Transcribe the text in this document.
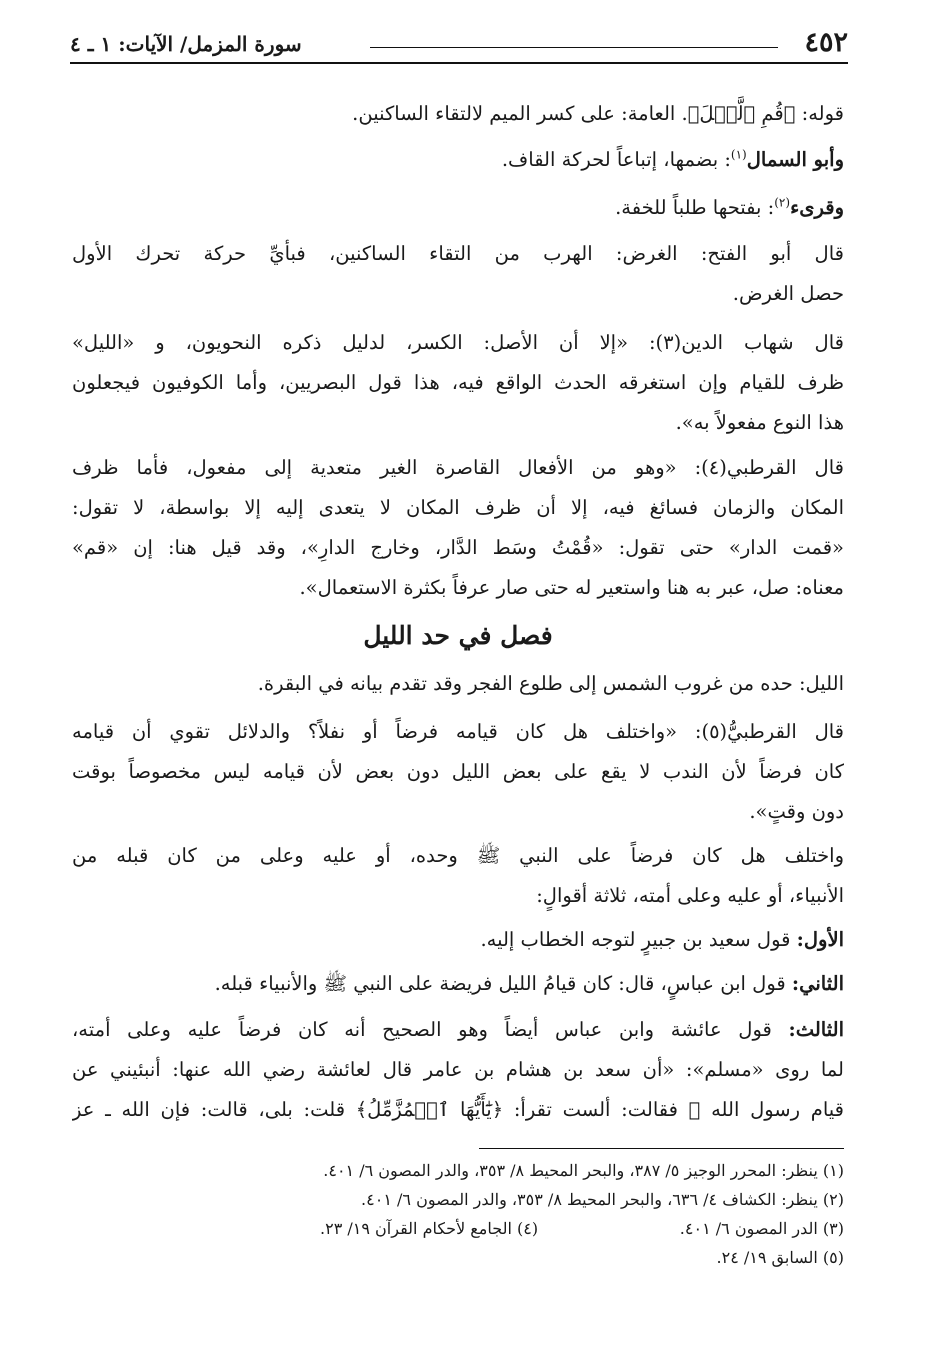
٤٥٢
سورة المزمل/ الآيات: ١ ـ ٤
قوله: ﴿قُمِ ٱلَّيۡلَ﴾. العامة: على كسر الميم لالتقاء الساكنين.
وأبو السمال$^{(١)}$: بضمها، إتباعاً لحركة القاف.
وقرىء$^{(٢)}$: بفتحها طلباً للخفة.
قال أبو الفتح: الغرض: الهرب من التقاء الساكنين، فبأيِّ حركة تحرك الأول
حصل الغرض.
قال شهاب الدين(٣): «إلا أن الأصل: الكسر، لدليل ذكره النحويون، و «الليل»
ظرف للقيام وإن استغرقه الحدث الواقع فيه، هذا قول البصريين، وأما الكوفيون فيجعلون
هذا النوع مفعولاً به».
قال القرطبي(٤): «وهو من الأفعال القاصرة الغير متعدية إلى مفعول، فأما ظرف
المكان والزمان فسائغ فيه، إلا أن ظرف المكان لا يتعدى إليه إلا بواسطة، لا تقول:
«قمت الدار» حتى تقول: «قُمْتُ وسَط الدَّار، وخارج الدارِ»، وقد قيل هنا: إن «قم»
معناه: صل، عبر به هنا واستعير له حتى صار عرفاً بكثرة الاستعمال».
فصل في حد الليل
الليل: حده من غروب الشمس إلى طلوع الفجر وقد تقدم بيانه في البقرة.
قال القرطبيُّ(٥): «واختلف هل كان قيامه فرضاً أو نفلاً؟ والدلائل تقوي أن قيامه
كان فرضاً لأن الندب لا يقع على بعض الليل دون بعض لأن قيامه ليس مخصوصاً بوقت
دون وقتٍ».
واختلف هل كان فرضاً على النبي ﷺ وحده، أو عليه وعلى من كان قبله من
الأنبياء، أو عليه وعلى أمته، ثلاثة أقوالٍ:
الأول: قول سعيد بن جبيرٍ لتوجه الخطاب إليه.
الثاني: قول ابن عباسٍ، قال: كان قيامُ الليل فريضة على النبي ﷺ والأنبياء قبله.
الثالث: قول عائشة وابن عباس أيضاً وهو الصحيح أنه كان فرضاً عليه وعلى أمته،
لما روى «مسلم»: «أن سعد بن هشام بن عامر قال لعائشة رضي الله عنها: أنبئيني عن
قيام رسول الله ﷺ فقالت: ألست تقرأ: ﴿يَٰٓأَيُّهَا ٱلۡمُزَّمِّلُ﴾ قلت: بلى، قالت: فإن الله ـ عز
(١) ينظر: المحرر الوجيز ٥/ ٣٨٧، والبحر المحيط ٨/ ٣٥٣، والدر المصون ٦/ ٤٠١.
(٢) ينظر: الكشاف ٤/ ٦٣٦، والبحر المحيط ٨/ ٣٥٣، والدر المصون ٦/ ٤٠١.
(٣) الدر المصون ٦/ ٤٠١.
(٤) الجامع لأحكام القرآن ١٩/ ٢٣.
(٥) السابق ١٩/ ٢٤.
